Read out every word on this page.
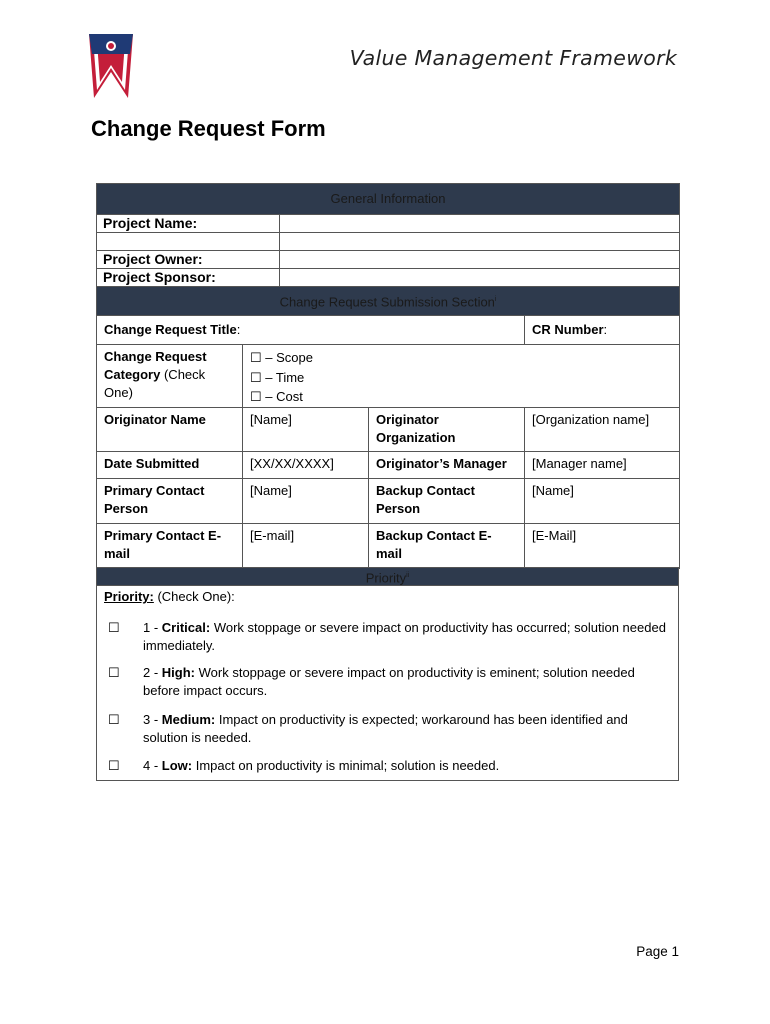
Value Management Framework
Change Request Form
General Information	
Project Name:	

Project Owner:	
Project Sponsor:	
Change Request Submission Section$^i$
Change Request Title:			CR Number:
Change Request Category (Check One)	☐ – Scope
☐ – Time
☐ – Cost		

Originator Name	[Name]	Originator Organization	[Organization name]
Date Submitted	[XX/XX/XXXX]	Originator’s Manager	[Manager name]
Primary Contact Person	[Name]	Backup Contact Person	[Name]
Primary Contact E-mail	[E-mail]	Backup Contact E-mail	[E-Mail]
Priority$^{ii}$

Priority: (Check One):
☐ 1 - Critical: Work stoppage or severe impact on productivity has occurred; solution needed immediately.
☐ 2 - High: Work stoppage or severe impact on productivity is eminent; solution needed before impact occurs.
☐ 3 - Medium: Impact on productivity is expected; workaround has been identified and solution is needed.
☐ 4 - Low: Impact on productivity is minimal; solution is needed.
Page 1
